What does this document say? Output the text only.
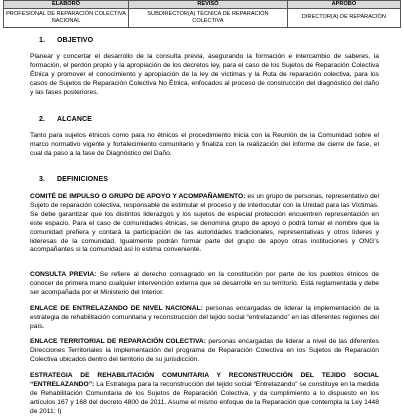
ELABORÓ	REVISÓ	APROBÓ
PROFESIONAL DE REPARACIÓN COLECTIVA NACIONAL	SUBDIRECTOR(A) TÉCNICA DE REPARACIÓN COLECTIVA	DIRECTOR(A) DE REPARACIÓN
1. OBJETIVO

Planear y concertar el desarrollo de la consulta previa, asegurando la formación e intercambio de saberes, la formación, el perdón propio y la apropiación de los decretos ley, para el caso de los Sujetos de Reparación Colectiva Étnica y promover el conocimiento y apropiación de la ley de víctimas y la Ruta de reparación colectiva, para los casos de Sujetos de Reparación Colectiva No Étnica, enfocados al proceso de construcción del diagnóstico del daño y las fases posteriores.

2. ALCANCE

Tanto para sujetos étnicos como para no étnicos el procedimiento inicia con la Reunión de la Comunidad sobre el marco normativo vigente y fortalecimiento comunitario y finaliza con la realización del informe de cierre de fase, el cual da paso a la fase de Diagnóstico del Daño.

3. DEFINICIONES

COMITÉ DE IMPULSO O GRUPO DE APOYO Y ACOMPAÑAMIENTO: es un grupo de personas, representativo del Sujeto de reparación colectiva, responsable de estimular el proceso y de interlocutar con la Unidad para las Víctimas. Se debe garantizar que los distintos liderazgos y los sujetos de especial protección encuentren representación en este espacio. Para el caso de comunidades étnicas, se denomina grupo de apoyo o podrá tomar el nombre que la comunidad prefiera y contará la participación de las autoridades tradicionales, representativas y otros líderes y lideresas de la comunidad. Igualmente podrán formar parte del grupo de apoyo otras instituciones y ONG’s acompañantes si la comunidad así lo estima conveniente.

CONSULTA PREVIA: Se refiere al derecho consagrado en la constitución por parte de los pueblos étnicos de conocer de primera mano cualquier intervención externa que se desarrolle en su territorio. Está reglamentada y debe ser acompañada por el Ministerio del Interior.

ENLACE DE ENTRELAZANDO DE NIVEL NACIONAL: personas encargadas de liderar la implementación de la estrategia de rehabilitación comunitaria y reconstrucción del tejido social “entrelazando” en las diferentes regiones del país.

ENLACE TERRITORIAL DE REPARACIÓN COLECTIVA: personas encargadas de liderar a nivel de las diferentes Direcciones Territoriales la implementación del programa de Reparación Colectiva en los Sujetos de Reparación Colectiva ubicados dentro del territorio de su jurisdicción.

ESTRATEGIA DE REHABILITACIÓN COMUNITARIA Y RECONSTRUCCIÓN DEL TEJIDO SOCIAL “ENTRELAZANDO”: La Estrategia para la reconstrucción del tejido social “Entrelazando” se constituye en la medida de Rehabilitación Comunitaria de los Sujetos de Reparación Colectiva, y da cumplimiento a lo dispuesto en los artículos 167 y 168 del decreto 4800 de 2011. Asume el mismo enfoque de la Reparación que contempla la Ley 1448 de 2011: I)
